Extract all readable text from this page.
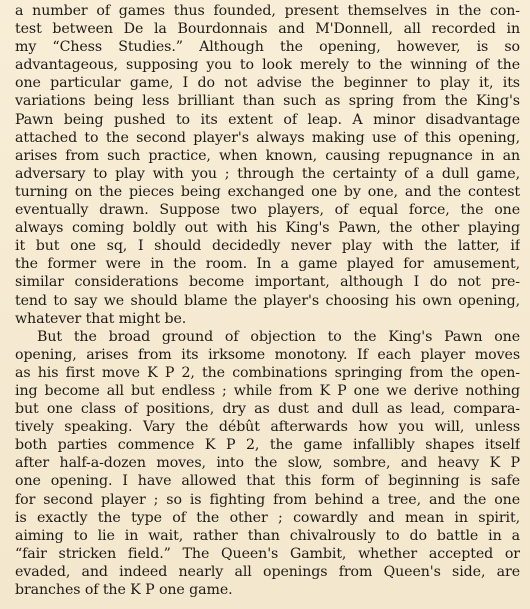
a number of games thus founded, present themselves in the con-
test between De la Bourdonnais and M'Donnell, all recorded in
my “Chess Studies.” Although the opening, however, is so
advantageous, supposing you to look merely to the winning of the
one particular game, I do not advise the beginner to play it, its
variations being less brilliant than such as spring from the King's
Pawn being pushed to its extent of leap. A minor disadvantage
attached to the second player's always making use of this opening,
arises from such practice, when known, causing repugnance in an
adversary to play with you ; through the certainty of a dull game,
turning on the pieces being exchanged one by one, and the contest
eventually drawn. Suppose two players, of equal force, the one
always coming boldly out with his King's Pawn, the other playing
it but one sq, I should decidedly never play with the latter, if
the former were in the room. In a game played for amusement,
similar considerations become important, although I do not pre-
tend to say we should blame the player's choosing his own opening,
whatever that might be.
But the broad ground of objection to the King's Pawn one
opening, arises from its irksome monotony. If each player moves
as his first move K P 2, the combinations springing from the open-
ing become all but endless ; while from K P one we derive nothing
but one class of positions, dry as dust and dull as lead, compara-
tively speaking. Vary the débût afterwards how you will, unless
both parties commence K P 2, the game infallibly shapes itself
after half-a-dozen moves, into the slow, sombre, and heavy K P
one opening. I have allowed that this form of beginning is safe
for second player ; so is fighting from behind a tree, and the one
is exactly the type of the other ; cowardly and mean in spirit,
aiming to lie in wait, rather than chivalrously to do battle in a
“fair stricken field.” The Queen's Gambit, whether accepted or
evaded, and indeed nearly all openings from Queen's side, are
branches of the K P one game.
